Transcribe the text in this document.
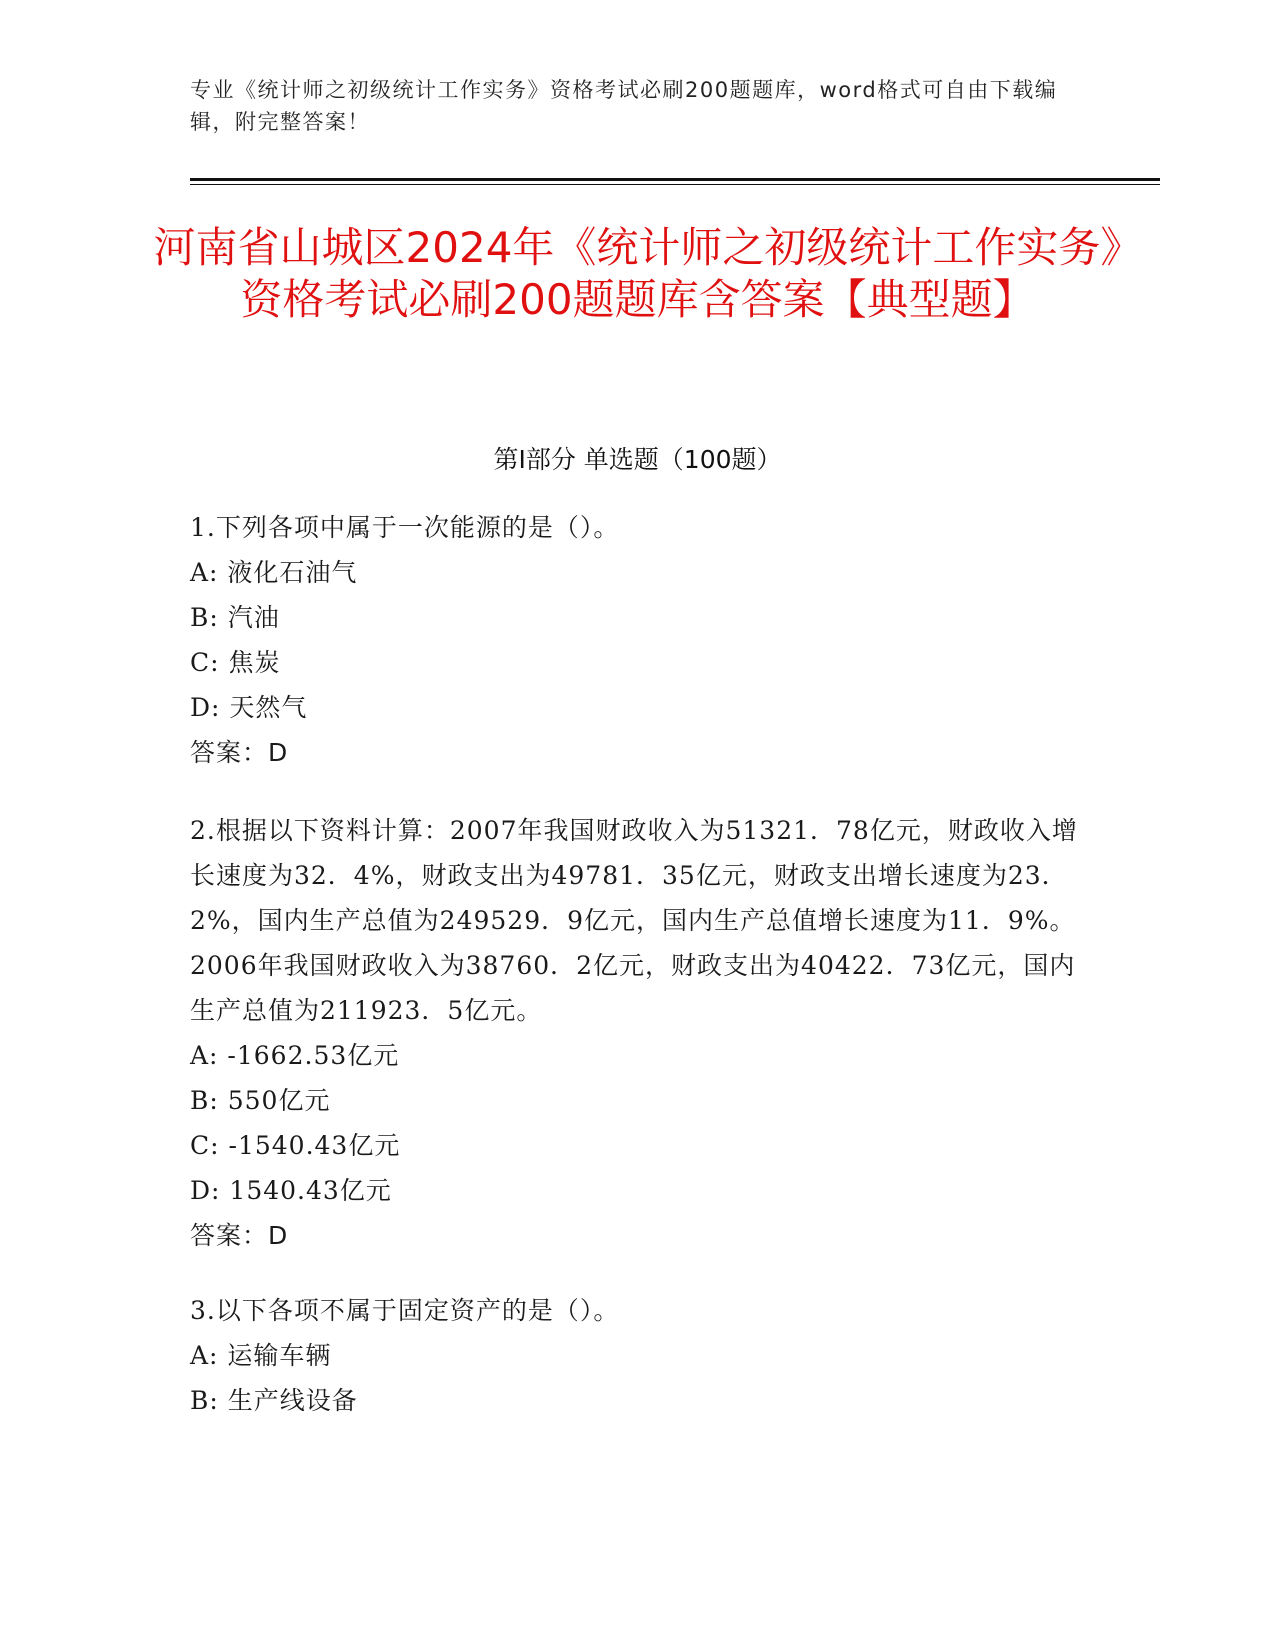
专业《统计师之初级统计工作实务》资格考试必刷200题题库，word格式可自由下载编辑，附完整答案！
河南省山城区2024年《统计师之初级统计工作实务》资格考试必刷200题题库含答案【典型题】
第I部分 单选题（100题）
1.下列各项中属于一次能源的是（）。
A: 液化石油气
B: 汽油
C: 焦炭
D: 天然气
答案：D
2.根据以下资料计算：2007年我国财政收入为51321．78亿元，财政收入增长速度为32．4%，财政支出为49781．35亿元，财政支出增长速度为23．2%，国内生产总值为249529．9亿元，国内生产总值增长速度为11．9%。2006年我国财政收入为38760．2亿元，财政支出为40422．73亿元，国内生产总值为211923．5亿元。
A: -1662.53亿元
B: 550亿元
C: -1540.43亿元
D: 1540.43亿元
答案：D
3.以下各项不属于固定资产的是（）。
A: 运输车辆
B: 生产线设备
